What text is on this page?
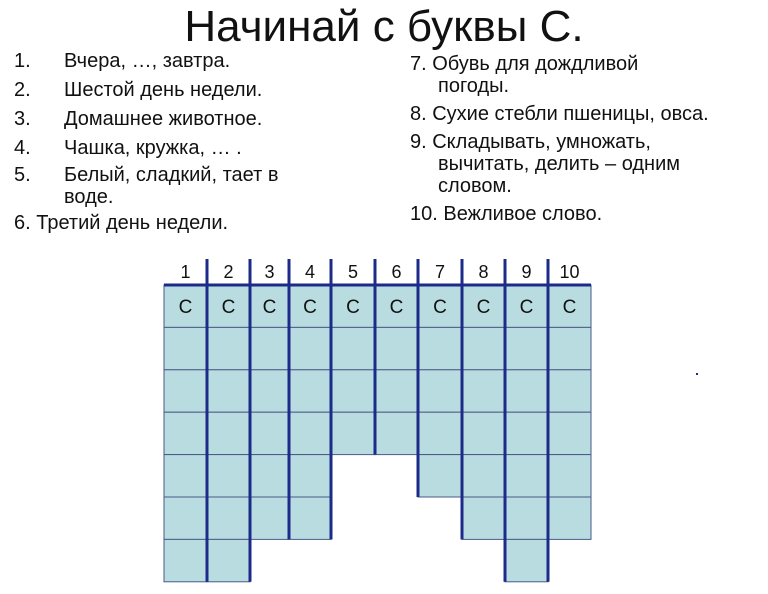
Начинай с буквы С.
1. Вчера, …, завтра.
2. Шестой день недели.
3. Домашнее животное.
4. Чашка, кружка, … .
5. Белый, сладкий, тает в воде.
6. Третий день недели.
7. Обувь для дождливой
погоды.
8. Сухие стебли пшеницы, овса.
9. Складывать, умножать,
вычитать, делить – одним словом.
10. Вежливое слово.
1
С
2
С
3
С
4
С
5
С
6
С
7
С
8
С
9
С
10
С
